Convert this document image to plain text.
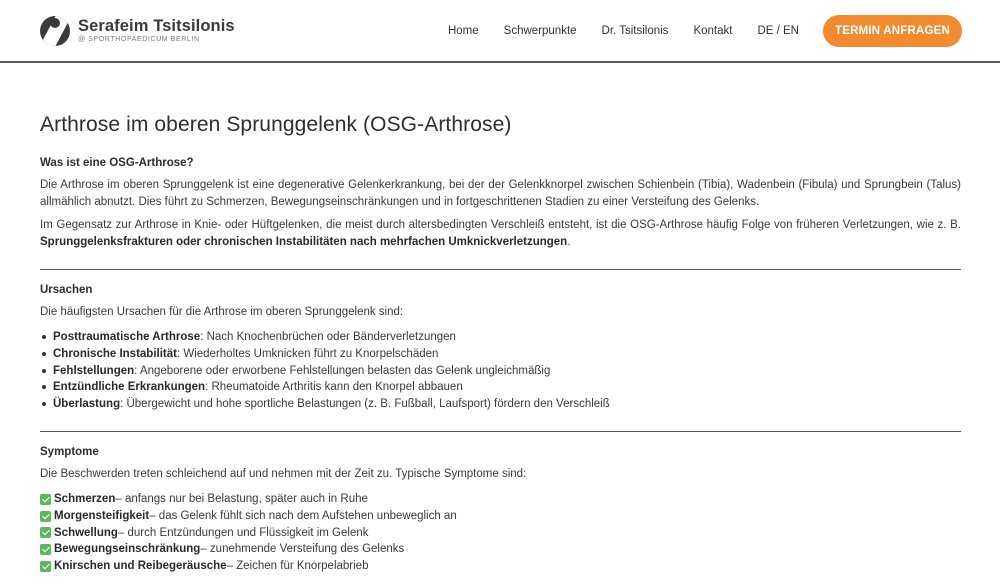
Serafeim Tsitsilonis
@ SPORTHOPAEDICUM BERLIN
Home Schwerpunkte Dr. Tsitsilonis Kontakt DE / EN	TERMIN ANFRAGEN
Arthrose im oberen Sprunggelenk (OSG-Arthrose)
Was ist eine OSG-Arthrose?

Die Arthrose im oberen Sprunggelenk ist eine degenerative Gelenkerkrankung, bei der der Gelenkknorpel zwischen Schienbein (Tibia), Wadenbein (Fibula) und Sprungbein (Talus) allmählich abnutzt. Dies führt zu Schmerzen, Bewegungseinschränkungen und in fortgeschrittenen Stadien zu einer Versteifung des Gelenks.

Im Gegensatz zur Arthrose in Knie- oder Hüftgelenken, die meist durch altersbedingten Verschleiß entsteht, ist die OSG-Arthrose häufig Folge von früheren Verletzungen, wie z. B. Sprunggelenksfrakturen oder chronischen Instabilitäten nach mehrfachen Umknickverletzungen.

Ursachen

Die häufigsten Ursachen für die Arthrose im oberen Sprunggelenk sind:

Posttraumatische Arthrose: Nach Knochenbrüchen oder Bänderverletzungen
Chronische Instabilität: Wiederholtes Umknicken führt zu Knorpelschäden
Fehlstellungen: Angeborene oder erworbene Fehlstellungen belasten das Gelenk ungleichmäßig
Entzündliche Erkrankungen: Rheumatoide Arthritis kann den Knorpel abbauen
Überlastung: Übergewicht und hohe sportliche Belastungen (z. B. Fußball, Laufsport) fördern den Verschleiß
Symptome

Die Beschwerden treten schleichend auf und nehmen mit der Zeit zu. Typische Symptome sind:

Schmerzen – anfangs nur bei Belastung, später auch in Ruhe
Morgensteifigkeit – das Gelenk fühlt sich nach dem Aufstehen unbeweglich an
Schwellung – durch Entzündungen und Flüssigkeit im Gelenk
Bewegungseinschränkung – zunehmende Versteifung des Gelenks
Knirschen und Reibegeräusche – Zeichen für Knorpelabrieb
